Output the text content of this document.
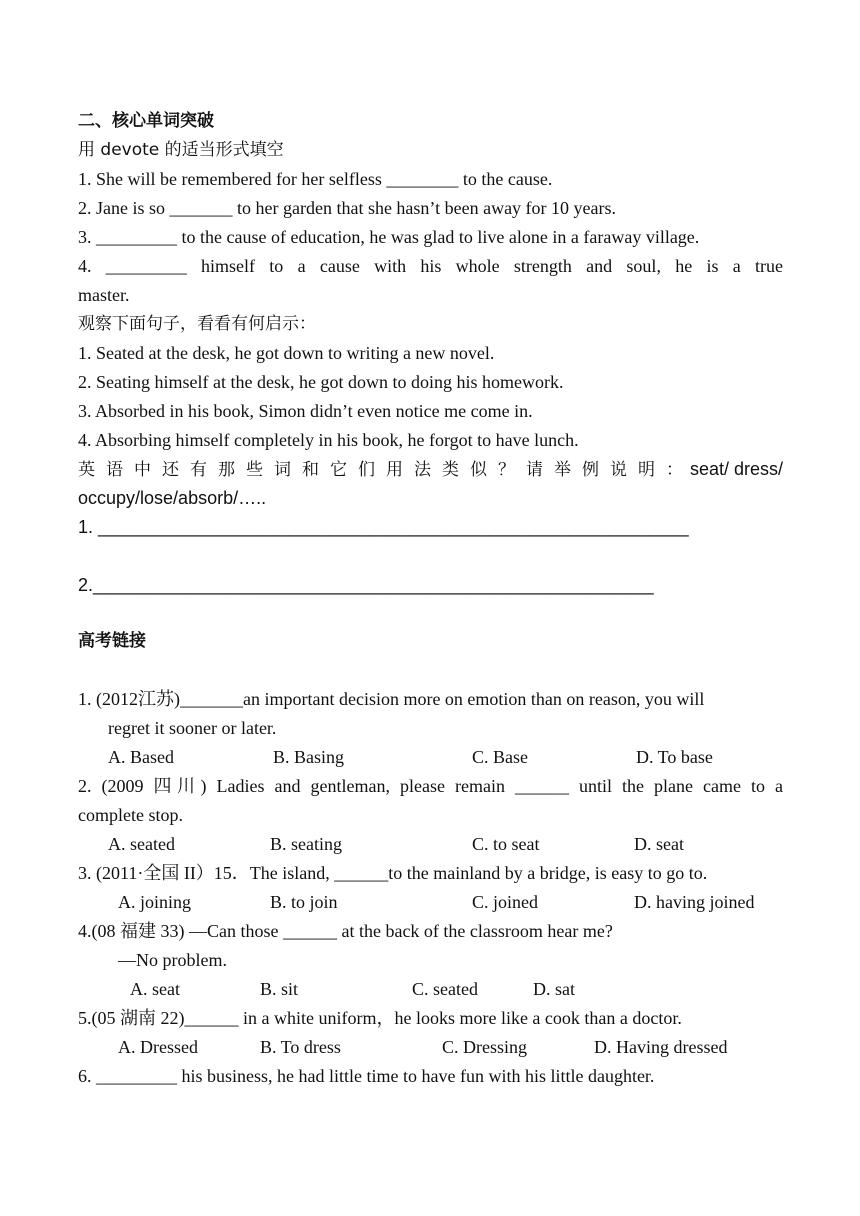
二、核心单词突破
用 devote 的适当形式填空
1. She will be remembered for her selfless ________ to the cause.
2. Jane is so _______ to her garden that she hasn’t been away for 10 years.
3. _________ to the cause of education, he was glad to live alone in a faraway village.
4. _________ himself to a cause with his whole strength and soul, he is a true
master.
观察下面句子，看看有何启示：
1. Seated at the desk, he got down to writing a new novel.
2. Seating himself at the desk, he got down to doing his homework.
3. Absorbed in his book, Simon didn’t even notice me come in.
4. Absorbing himself completely in his book, he forgot to have lunch.
英语中还有那些词和它们用法类似？请举例说明：
seat/ dress/
occupy/lose/absorb/…..
1. ___________________________________________________________
2.________________________________________________________
高考链接
1. (2012江苏)_______an important decision more on emotion than on reason, you will
regret it sooner or later.
A. Based	B. Basing	C. Base	D. To base
2. (2009 四川) Ladies and gentleman, please remain ______ until the plane came to a
complete stop.
A. seated	B. seating	C. to seat	D. seat
3. (2011·全国 II）15．The island, ______to the mainland by a bridge, is easy to go to.
A. joining	B. to join	C. joined	D. having joined
4.(08 福建 33) —Can those ______ at the back of the classroom hear me?
—No problem.
A. seat	B. sit	C. seated	D. sat
5.(05 湖南 22)______ in a white uniform，he looks more like a cook than a doctor.
A. Dressed	B. To dress	C. Dressing	D. Having dressed
6. _________ his business, he had little time to have fun with his little daughter.
